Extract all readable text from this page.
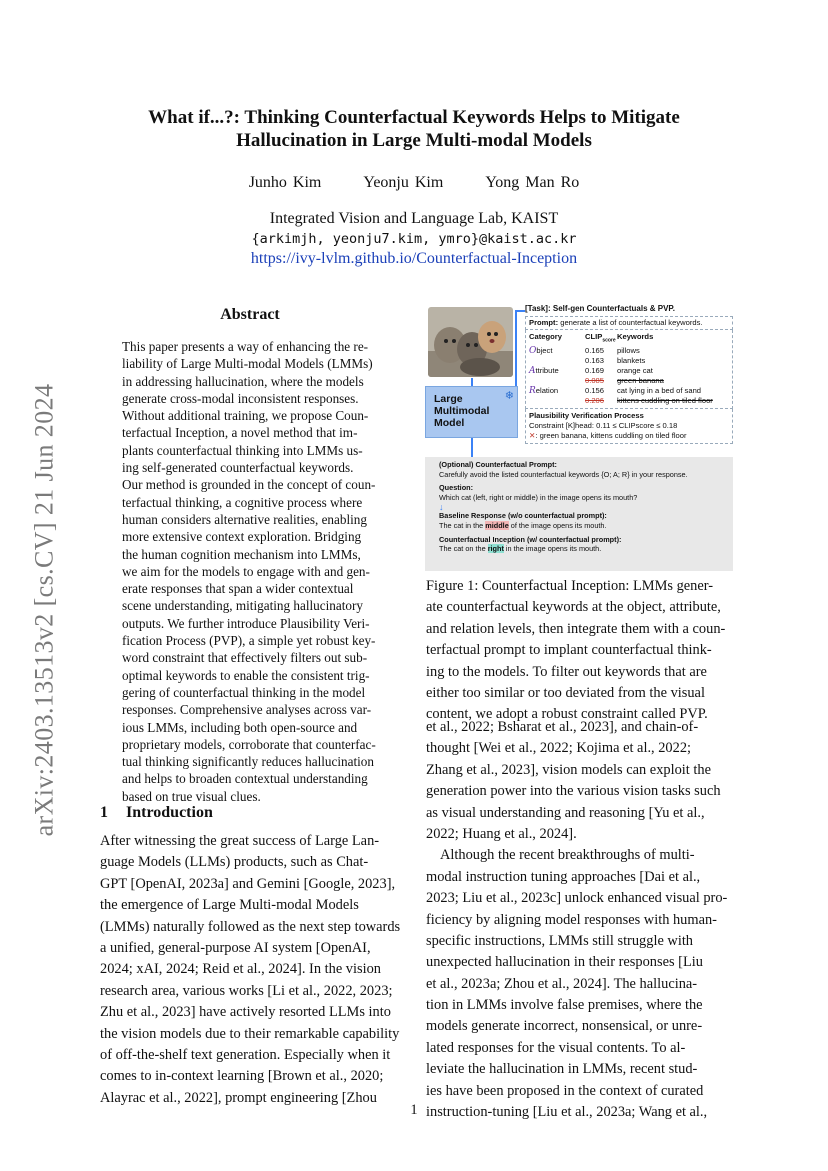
arXiv:2403.13513v2 [cs.CV] 21 Jun 2024
What if...?: Thinking Counterfactual Keywords Helps to Mitigate
Hallucination in Large Multi-modal Models
Junho Kim	Yeonju Kim	Yong Man Ro
Integrated Vision and Language Lab, KAIST
{arkimjh, yeonju7.kim, ymro}@kaist.ac.kr
https://ivy-lvlm.github.io/Counterfactual-Inception
Abstract
This paper presents a way of enhancing the re-
liability of Large Multi-modal Models (LMMs)
in addressing hallucination, where the models
generate cross-modal inconsistent responses.
Without additional training, we propose Coun-
terfactual Inception, a novel method that im-
plants counterfactual thinking into LMMs us-
ing self-generated counterfactual keywords.
Our method is grounded in the concept of coun-
terfactual thinking, a cognitive process where
human considers alternative realities, enabling
more extensive context exploration. Bridging
the human cognition mechanism into LMMs,
we aim for the models to engage with and gen-
erate responses that span a wider contextual
scene understanding, mitigating hallucinatory
outputs. We further introduce Plausibility Veri-
fication Process (PVP), a simple yet robust key-
word constraint that effectively filters out sub-
optimal keywords to enable the consistent trig-
gering of counterfactual thinking in the model
responses. Comprehensive analyses across var-
ious LMMs, including both open-source and
proprietary models, corroborate that counterfac-
tual thinking significantly reduces hallucination
and helps to broaden contextual understanding
based on true visual clues.
1 Introduction
After witnessing the great success of Large Lan-
guage Models (LLMs) products, such as Chat-
GPT [OpenAI, 2023a] and Gemini [Google, 2023],
the emergence of Large Multi-modal Models
(LMMs) naturally followed as the next step towards
a unified, general-purpose AI system [OpenAI,
2024; xAI, 2024; Reid et al., 2024]. In the vision
research area, various works [Li et al., 2022, 2023;
Zhu et al., 2023] have actively resorted LLMs into
the vision models due to their remarkable capability
of off-the-shelf text generation. Especially when it
comes to in-context learning [Brown et al., 2020;
Alayrac et al., 2022], prompt engineering [Zhou
et al., 2022; Bsharat et al., 2023], and chain-of-
thought [Wei et al., 2022; Kojima et al., 2022;
Zhang et al., 2023], vision models can exploit the
generation power into the various vision tasks such
as visual understanding and reasoning [Yu et al.,
2022; Huang et al., 2024].
Although the recent breakthroughs of multi-
modal instruction tuning approaches [Dai et al.,
2023; Liu et al., 2023c] unlock enhanced visual pro-
ficiency by aligning model responses with human-
specific instructions, LMMs still struggle with
unexpected hallucination in their responses [Liu
et al., 2023a; Zhou et al., 2024]. The hallucina-
tion in LMMs involve false premises, where the
models generate incorrect, nonsensical, or unre-
lated responses for the visual contents. To al-
leviate the hallucination in LMMs, recent stud-
ies have been proposed in the context of curated
instruction-tuning [Liu et al., 2023a; Wang et al.,
❄
Large
Multimodal
Model
[Task]: Self-gen Counterfactuals & PVP.
Prompt: generate a list of counterfactual keywords.
Category	$CLIP_{score}$ Keywords
Object	0.165	pillows
0.163	blankets
Attribute	0.169	orange cat
0.085	green banana
Relation	0.156	cat lying in a bed of sand
0.206	kittens cuddling on tiled floor
Plausibility Verification Process
Constraint [K]head: 0.11 ≤ CLIPscore ≤ 0.18
✕: green banana, kittens cuddling on tiled floor
(Optional) Counterfactual Prompt:
Carefully avoid the listed counterfactual keywords {O; A; R} in your response.
Question:
Which cat (left, right or middle) in the image opens its mouth?
↓
Baseline Response (w/o counterfactual prompt):
The cat in the middle of the image opens its mouth.
Counterfactual Inception (w/ counterfactual prompt):
The cat on the right in the image opens its mouth.
Figure 1: Counterfactual Inception: LMMs gener-
ate counterfactual keywords at the object, attribute,
and relation levels, then integrate them with a coun-
terfactual prompt to implant counterfactual think-
ing to the models. To filter out keywords that are
either too similar or too deviated from the visual
content, we adopt a robust constraint called PVP.
1
